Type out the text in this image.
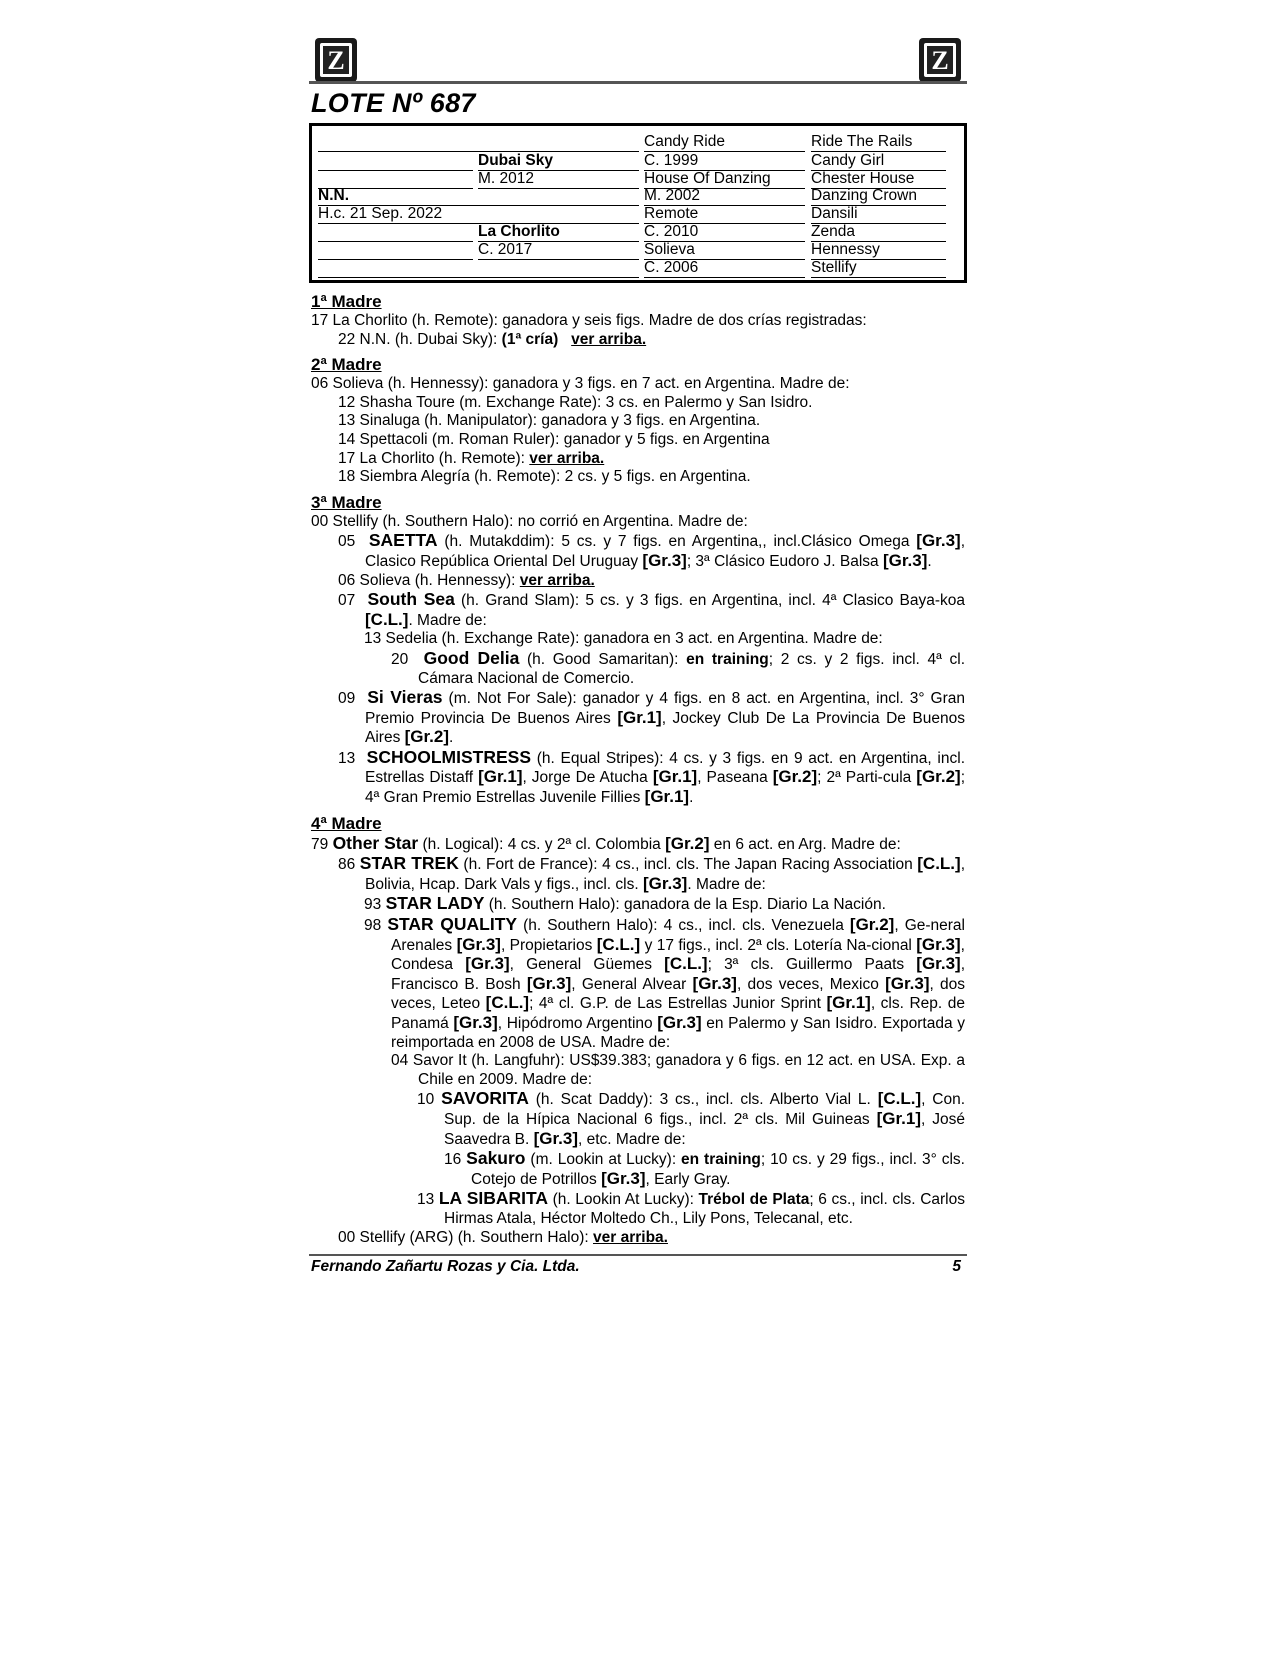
Z	Z
LOTE Nº 687
N.N.
H.c. 21 Sep. 2022
Dubai Sky
M. 2012
La Chorlito
C. 2017
Candy Ride
C. 1999
House Of Danzing
M. 2002
Remote
C. 2010
Solieva
C. 2006
Ride The Rails
Candy Girl
Chester House
Danzing Crown
Dansili
Zenda
Hennessy
Stellify
1ª Madre
17 La Chorlito (h. Remote): ganadora y seis figs. Madre de dos crías registradas:
22 N.N. (h. Dubai Sky): (1ª cría) ver arriba.
2ª Madre
06 Solieva (h. Hennessy): ganadora y 3 figs. en 7 act. en Argentina. Madre de:
12 Shasha Toure (m. Exchange Rate): 3 cs. en Palermo y San Isidro.
13 Sinaluga (h. Manipulator): ganadora y 3 figs. en Argentina.
14 Spettacoli (m. Roman Ruler): ganador y 5 figs. en Argentina
17 La Chorlito (h. Remote): ver arriba.
18 Siembra Alegría (h. Remote): 2 cs. y 5 figs. en Argentina.
3ª Madre
00 Stellify (h. Southern Halo): no corrió en Argentina. Madre de:
05 SAETTA (h. Mutakddim): 5 cs. y 7 figs. en Argentina,, incl.Clásico Omega [Gr.3], Clasico República Oriental Del Uruguay [Gr.3]; 3ª Clásico Eudoro J. Balsa [Gr.3].
06 Solieva (h. Hennessy): ver arriba.
07 South Sea (h. Grand Slam): 5 cs. y 3 figs. en Argentina, incl. 4ª Clasico Baya-koa [C.L.]. Madre de:
13 Sedelia (h. Exchange Rate): ganadora en 3 act. en Argentina. Madre de:
20 Good Delia (h. Good Samaritan): en training; 2 cs. y 2 figs. incl. 4ª cl. Cámara Nacional de Comercio.
09 Si Vieras (m. Not For Sale): ganador y 4 figs. en 8 act. en Argentina, incl. 3° Gran Premio Provincia De Buenos Aires [Gr.1], Jockey Club De La Provincia De Buenos Aires [Gr.2].
13 SCHOOLMISTRESS (h. Equal Stripes): 4 cs. y 3 figs. en 9 act. en Argentina, incl. Estrellas Distaff [Gr.1], Jorge De Atucha [Gr.1], Paseana [Gr.2]; 2ª Parti-cula [Gr.2]; 4ª Gran Premio Estrellas Juvenile Fillies [Gr.1].
4ª Madre
79 Other Star (h. Logical): 4 cs. y 2ª cl. Colombia [Gr.2] en 6 act. en Arg. Madre de:
86 STAR TREK (h. Fort de France): 4 cs., incl. cls. The Japan Racing Association [C.L.], Bolivia, Hcap. Dark Vals y figs., incl. cls. [Gr.3]. Madre de:
93 STAR LADY (h. Southern Halo): ganadora de la Esp. Diario La Nación.
98 STAR QUALITY (h. Southern Halo): 4 cs., incl. cls. Venezuela [Gr.2], Ge-neral Arenales [Gr.3], Propietarios [C.L.] y 17 figs., incl. 2ª cls. Lotería Na-cional [Gr.3], Condesa [Gr.3], General Güemes [C.L.]; 3ª cls. Guillermo Paats [Gr.3], Francisco B. Bosh [Gr.3], General Alvear [Gr.3], dos veces, Mexico [Gr.3], dos veces, Leteo [C.L.]; 4ª cl. G.P. de Las Estrellas Junior Sprint [Gr.1], cls. Rep. de Panamá [Gr.3], Hipódromo Argentino [Gr.3] en Palermo y San Isidro. Exportada y reimportada en 2008 de USA. Madre de:
04 Savor It (h. Langfuhr): US$39.383; ganadora y 6 figs. en 12 act. en USA. Exp. a Chile en 2009. Madre de:
10 SAVORITA (h. Scat Daddy): 3 cs., incl. cls. Alberto Vial L. [C.L.], Con. Sup. de la Hípica Nacional 6 figs., incl. 2ª cls. Mil Guineas [Gr.1], José Saavedra B. [Gr.3], etc. Madre de:
16 Sakuro (m. Lookin at Lucky): en training; 10 cs. y 29 figs., incl. 3° cls. Cotejo de Potrillos [Gr.3], Early Gray.
13 LA SIBARITA (h. Lookin At Lucky): Trébol de Plata; 6 cs., incl. cls. Carlos Hirmas Atala, Héctor Moltedo Ch., Lily Pons, Telecanal, etc.
00 Stellify (ARG) (h. Southern Halo): ver arriba.
Fernando Zañartu Rozas y Cia. Ltda.	5
